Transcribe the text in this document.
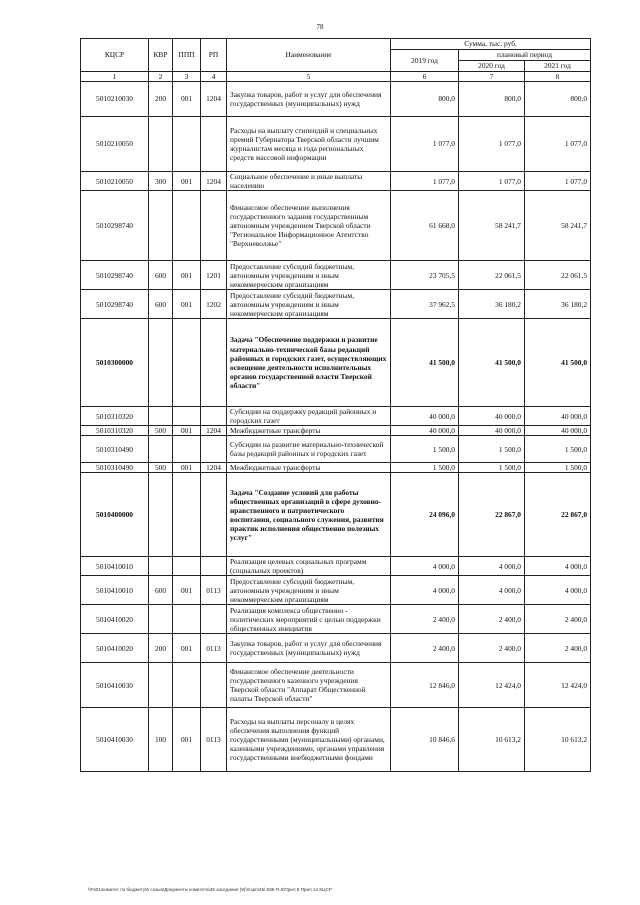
78
КЦСР	КВР	ППП	РП	Наименование	Сумма, тыс. руб.		
					2019 год	плановый период	
						2020 год	2021 год
1	2	3	4	5	6	7	8
5010210030	200	001	1204	Закупка товаров, работ и услуг для обеспечения государственных (муниципальных) нужд	800,0	800,0	800,0
5010210050				Расходы на выплату стипендий и специальных премий Губернатора Тверской области лучшим журналистам месяца и года региональных средств массовой информации	1 077,0	1 077,0	1 077,0
5010210050	300	001	1204	Социальное обеспечение и иные выплаты населению	1 077,0	1 077,0	1 077,0
5010298740				Финансовое обеспечение выполнения государственного задания государственным автономным учреждением Тверской области "Региональное Информационное Агентство "Верхневолжье"	61 668,0	58 241,7	58 241,7
5010298740	600	001	1201	Предоставление субсидий бюджетным, автономным учреждениям и иным некоммерческим организациям	23 705,5	22 061,5	22 061,5
5010298740	600	001	1202	Предоставление субсидий бюджетным, автономным учреждениям и иным некоммерческим организациям	37 962,5	36 180,2	36 180,2
5010300000				Задача "Обеспечение поддержки и развитие материально-технической базы редакций районных и городских газет, осуществляющих освещение деятельности исполнительных органов государственной власти Тверской области"	41 500,0	41 500,0	41 500,0
5010310320				Субсидии на поддержку редакций районных и городских газет	40 000,0	40 000,0	40 000,0
5010310320	500	001	1204	Межбюджетные трансферты	40 000,0	40 000,0	40 000,0
5010310490				Субсидии на развитие материально-технической базы редакций районных и городских газет	1 500,0	1 500,0	1 500,0
5010310490	500	001	1204	Межбюджетные трансферты	1 500,0	1 500,0	1 500,0
5010400000				Задача "Создание условий для работы общественных организаций в сфере духовно-нравственного и патриотического воспитания, социального служения, развития практик исполнения общественно полезных услуг"	24 096,0	22 867,0	22 867,0
5010410010				Реализация целевых социальных программ (социальных проектов)	4 000,0	4 000,0	4 000,0
5010410010	600	001	0113	Предоставление субсидий бюджетным, автономным учреждениям и иным некоммерческим организациям	4 000,0	4 000,0	4 000,0
5010410020				Реализация комплекса общественно - политических мероприятий с целью поддержки общественных инициатив	2 400,0	2 400,0	2 400,0
5010410020	200	001	0113	Закупка товаров, работ и услуг для обеспечения государственных (муниципальных) нужд	2 400,0	2 400,0	2 400,0
5010410030				Финансовое обеспечение деятельности государственного казенного учреждения Тверской области "Аппарат Общественной палаты Тверской области"	12 846,0	12 424,0	12 424,0
5010410030	100	001	0113	Расходы на выплаты персоналу в целях обеспечения выполнения функций государственными (муниципальными) органами, казенными учреждениями, органами управления государственными внебюджетными фондами	10 846,6	10 613,2	10 613,2
\\Fs01\комитет по бюджету\6 созыв\Документы комитета\45 заседание (9)\п\зрп\45\ 838-П-6\Прил 8 Прил 14 КЦСР
